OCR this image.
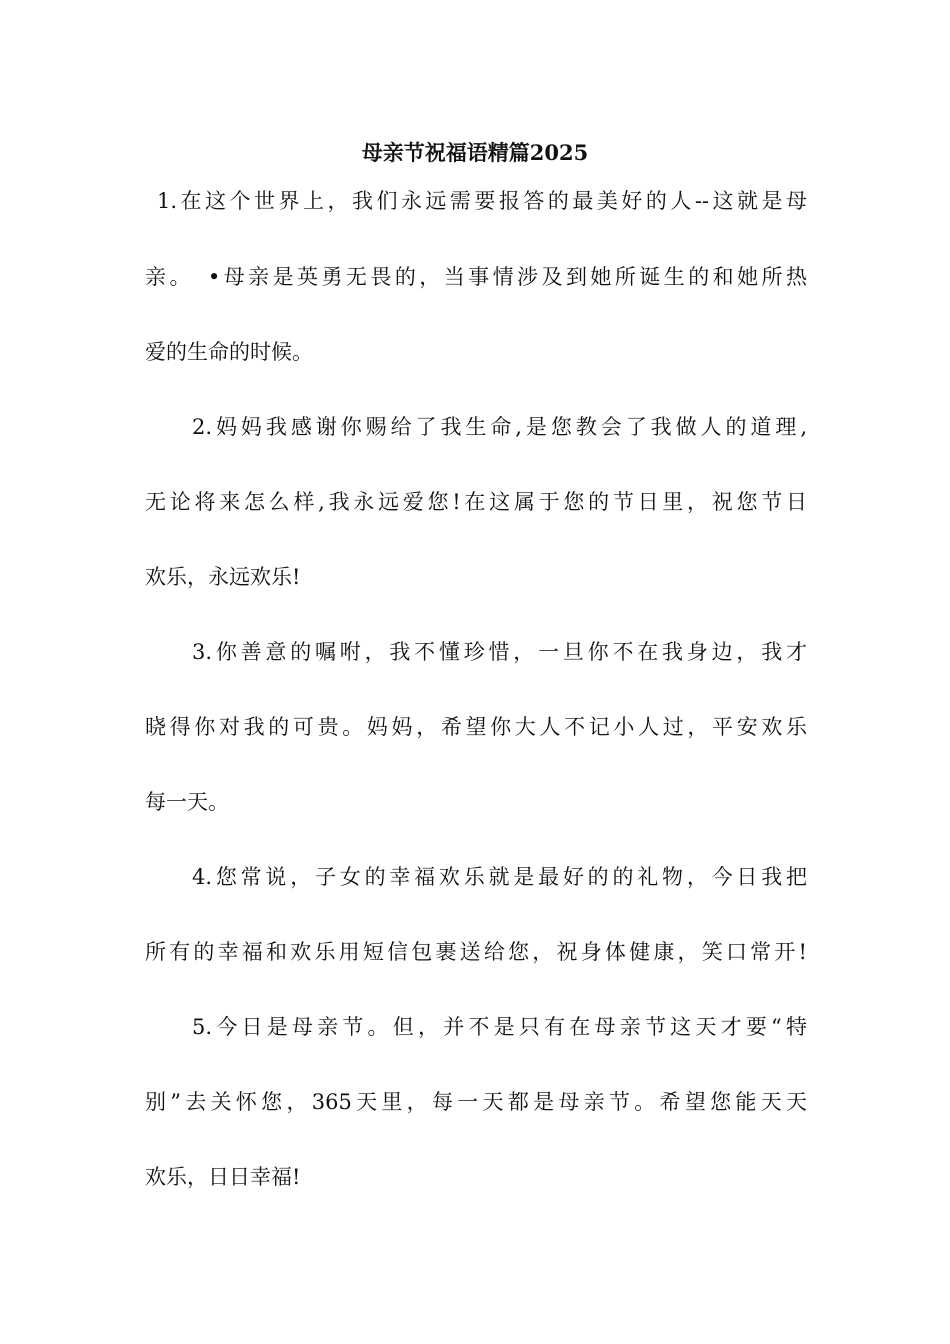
母亲节祝福语精篇2025
1.在这个世界上，我们永远需要报答的最美好的人--这就是母
亲。　•母亲是英勇无畏的，当事情涉及到她所诞生的和她所热
爱的生命的时候。
2.妈妈我感谢你赐给了我生命,是您教会了我做人的道理,
无论将来怎么样,我永远爱您!在这属于您的节日里，祝您节日
欢乐，永远欢乐!
3.你善意的嘱咐，我不懂珍惜，一旦你不在我身边，我才
晓得你对我的可贵。妈妈，希望你大人不记小人过，平安欢乐
每一天。
4.您常说，子女的幸福欢乐就是最好的的礼物，今日我把
所有的幸福和欢乐用短信包裹送给您，祝身体健康，笑口常开!
5.今日是母亲节。但，并不是只有在母亲节这天才要“特
别”去关怀您，365天里，每一天都是母亲节。希望您能天天
欢乐，日日幸福!
